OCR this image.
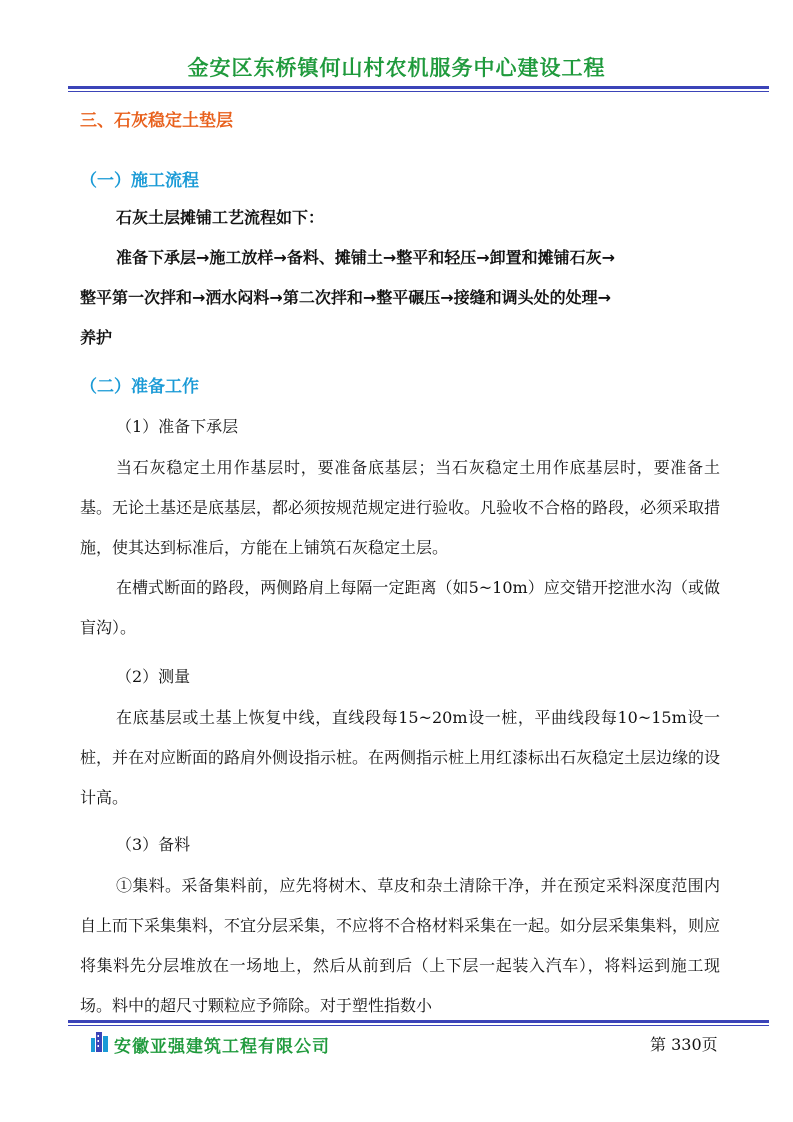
金安区东桥镇何山村农机服务中心建设工程
三、石灰稳定土垫层
（一）施工流程
石灰土层摊铺工艺流程如下：
准备下承层→施工放样→备料、摊铺土→整平和轻压→卸置和摊铺石灰→
整平第一次拌和→洒水闷料→第二次拌和→整平碾压→接缝和调头处的处理→
养护
（二）准备工作
（1）准备下承层
当石灰稳定土用作基层时，要准备底基层；当石灰稳定土用作底基层时，要准备土基。无论土基还是底基层，都必须按规范规定进行验收。凡验收不合格的路段，必须采取措施，使其达到标准后，方能在上铺筑石灰稳定土层。
在槽式断面的路段，两侧路肩上每隔一定距离（如5~10m）应交错开挖泄水沟（或做盲沟）。
（2）测量
在底基层或土基上恢复中线，直线段每15~20m设一桩，平曲线段每10~15m设一桩，并在对应断面的路肩外侧设指示桩。在两侧指示桩上用红漆标出石灰稳定土层边缘的设计高。
（3）备料
①集料。采备集料前，应先将树木、草皮和杂土清除干净，并在预定采料深度范围内自上而下采集集料，不宜分层采集，不应将不合格材料采集在一起。如分层采集集料，则应将集料先分层堆放在一场地上，然后从前到后（上下层一起装入汽车），将料运到施工现场。料中的超尺寸颗粒应予筛除。对于塑性指数小
安徽亚强建筑工程有限公司	第 330页
